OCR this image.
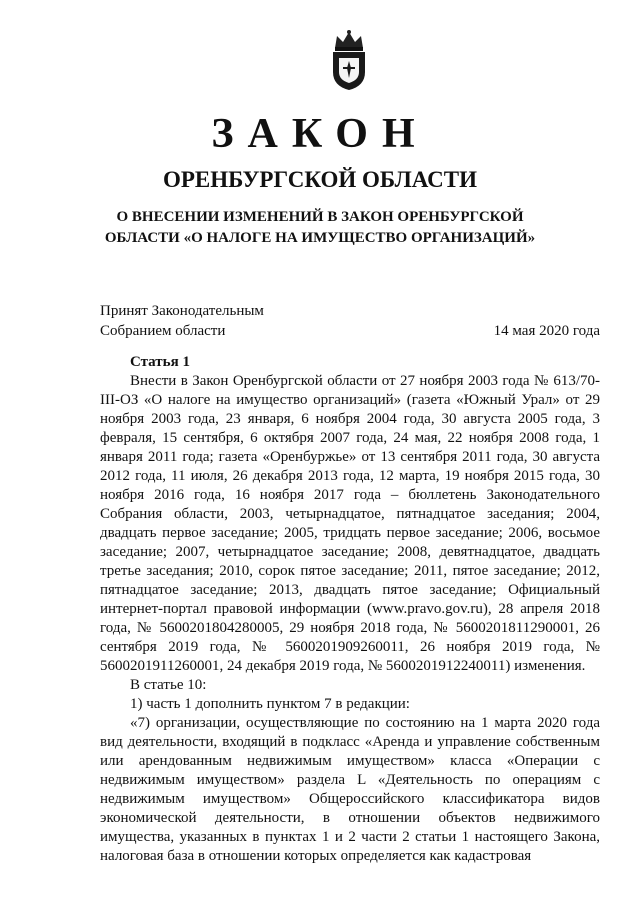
ЗАКОН
ОРЕНБУРГСКОЙ ОБЛАСТИ
О ВНЕСЕНИИ ИЗМЕНЕНИЙ В ЗАКОН ОРЕНБУРГСКОЙ
ОБЛАСТИ «О НАЛОГЕ НА ИМУЩЕСТВО ОРГАНИЗАЦИЙ»
Принят Законодательным
Собранием области	14 мая 2020 года

Статья 1

Внести в Закон Оренбургской области от 27 ноября 2003 года № 613/70-III-ОЗ «О налоге на имущество организаций» (газета «Южный Урал» от 29 ноября 2003 года, 23 января, 6 ноября 2004 года, 30 августа 2005 года, 3 февраля, 15 сентября, 6 октября 2007 года, 24 мая, 22 ноября 2008 года, 1 января 2011 года; газета «Оренбуржье» от 13 сентября 2011 года, 30 августа 2012 года, 11 июля, 26 декабря 2013 года, 12 марта, 19 ноября 2015 года, 30 ноября 2016 года, 16 ноября 2017 года – бюллетень Законодательного Собрания области, 2003, четырнадцатое, пятнадцатое заседания; 2004, двадцать первое заседание; 2005, тридцать первое заседание; 2006, восьмое заседание; 2007, четырнадцатое заседание; 2008, девятнадцатое, двадцать третье заседания; 2010, сорок пятое заседание; 2011, пятое заседание; 2012, пятнадцатое заседание; 2013, двадцать пятое заседание; Официальный интернет-портал правовой информации (www.pravo.gov.ru), 28 апреля 2018 года, № 5600201804280005, 29 ноября 2018 года, № 5600201811290001, 26 сентября 2019 года, № 5600201909260011, 26 ноября 2019 года, № 5600201911260001, 24 декабря 2019 года, № 5600201912240011) изменения.

В статье 10:

1) часть 1 дополнить пунктом 7 в редакции:

«7) организации, осуществляющие по состоянию на 1 марта 2020 года вид деятельности, входящий в подкласс «Аренда и управление собственным или арендованным недвижимым имуществом» класса «Операции с недвижимым имуществом» раздела L «Деятельность по операциям с недвижимым имуществом» Общероссийского классификатора видов экономической деятельности, в отношении объектов недвижимого имущества, указанных в пунктах 1 и 2 части 2 статьи 1 настоящего Закона, налоговая база в отношении которых определяется как кадастровая
